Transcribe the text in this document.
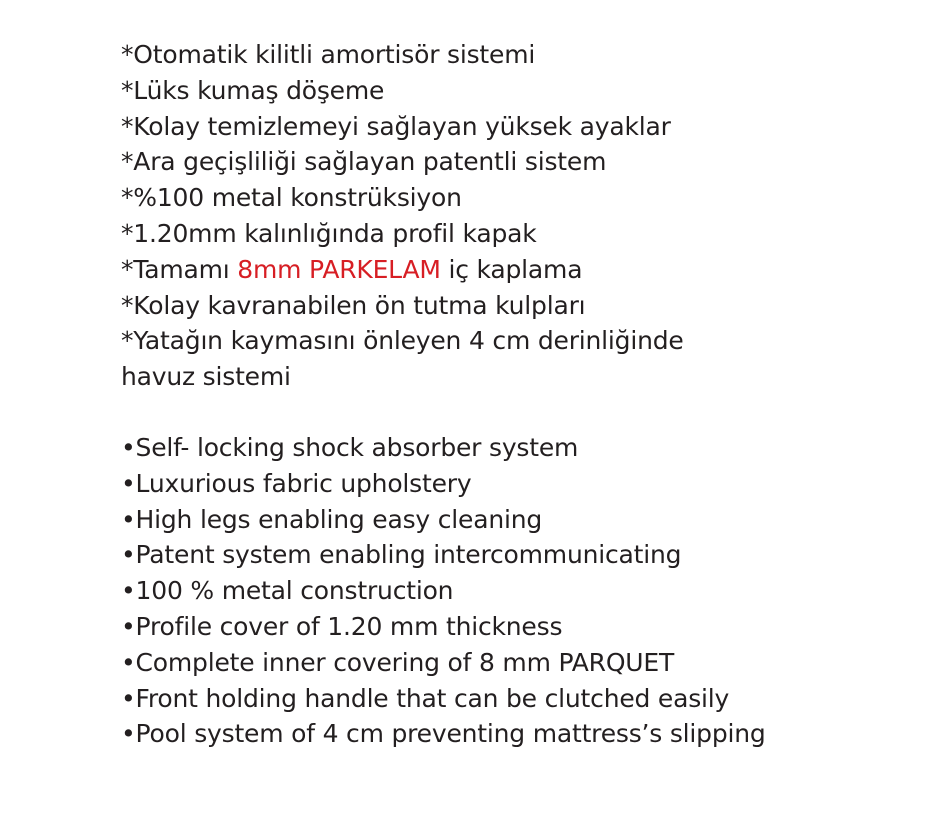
*Otomatik kilitli amortisör sistemi
*Lüks kumaş döşeme
*Kolay temizlemeyi sağlayan yüksek ayaklar
*Ara geçişliliği sağlayan patentli sistem
*%100 metal konstrüksiyon
*1.20mm kalınlığında profil kapak
*Tamamı 8mm PARKELAM iç kaplama
*Kolay kavranabilen ön tutma kulpları
*Yatağın kaymasını önleyen 4 cm derinliğinde
havuz sistemi
•Self- locking shock absorber system
•Luxurious fabric upholstery
•High legs enabling easy cleaning
•Patent system enabling intercommunicating
•100 % metal construction
•Profile cover of 1.20 mm thickness
•Complete inner covering of 8 mm PARQUET
•Front holding handle that can be clutched easily
•Pool system of 4 cm preventing mattress’s slipping
